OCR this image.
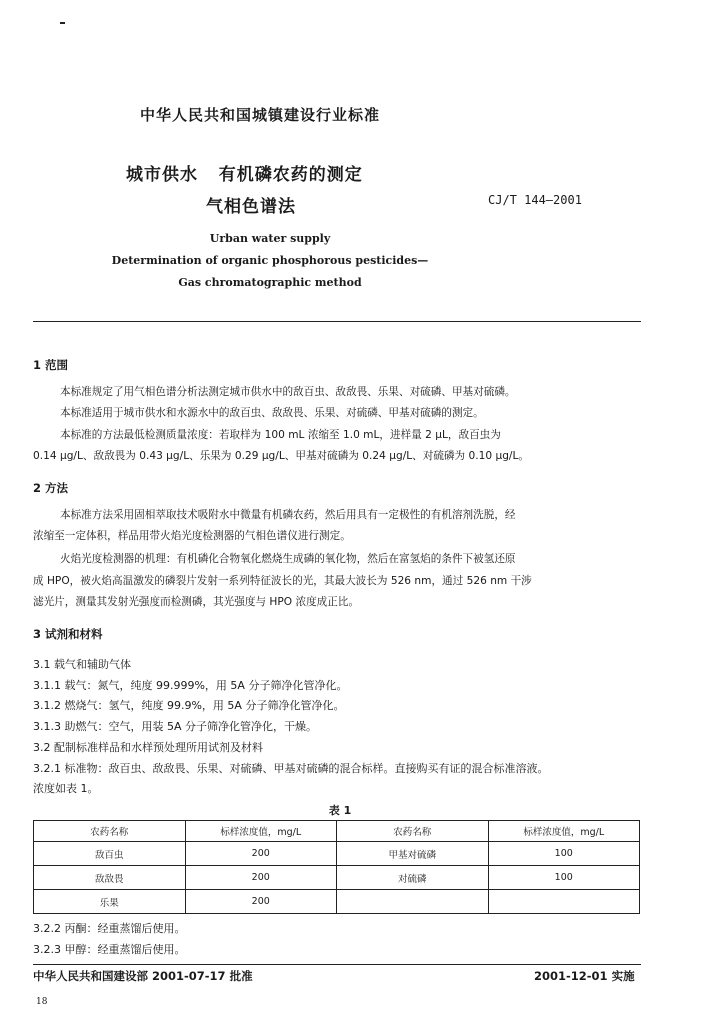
中华人民共和国城镇建设行业标准
城市供水   有机磷农药的测定
气相色谱法	CJ/T 144—2001
Urban water supply
Determination of organic phosphorous pesticides—
Gas chromatographic method
1 范围
本标准规定了用气相色谱分析法测定城市供水中的敌百虫、敌敌畏、乐果、对硫磷、甲基对硫磷。
本标准适用于城市供水和水源水中的敌百虫、敌敌畏、乐果、对硫磷、甲基对硫磷的测定。
本标准的方法最低检测质量浓度：若取样为 100 mL 浓缩至 1.0 mL，进样量 2 μL，敌百虫为
0.14 μg/L、敌敌畏为 0.43 μg/L、乐果为 0.29 μg/L、甲基对硫磷为 0.24 μg/L、对硫磷为 0.10 μg/L。
2 方法
本标准方法采用固相萃取技术吸附水中微量有机磷农药，然后用具有一定极性的有机溶剂洗脱，经
浓缩至一定体积，样品用带火焰光度检测器的气相色谱仪进行测定。
火焰光度检测器的机理：有机磷化合物氧化燃烧生成磷的氧化物，然后在富氢焰的条件下被氢还原
成 HPO，被火焰高温激发的磷裂片发射一系列特征波长的光，其最大波长为 526 nm，通过 526 nm 干涉
滤光片，测量其发射光强度而检测磷，其光强度与 HPO 浓度成正比。
3 试剂和材料
3.1 载气和辅助气体
3.1.1 载气：氮气，纯度 99.999%，用 5A 分子筛净化管净化。
3.1.2 燃烧气：氢气，纯度 99.9%，用 5A 分子筛净化管净化。
3.1.3 助燃气：空气，用装 5A 分子筛净化管净化，干燥。
3.2 配制标准样品和水样预处理所用试剂及材料
3.2.1 标准物：敌百虫、敌敌畏、乐果、对硫磷、甲基对硫磷的混合标样。直接购买有证的混合标准溶液。
浓度如表 1。
表 1
农药名称	标样浓度值，mg/L	农药名称	标样浓度值，mg/L
敌百虫	200	甲基对硫磷	100
敌敌畏	200	对硫磷	100
乐果	200		
3.2.2 丙酮：经重蒸馏后使用。
3.2.3 甲醇：经重蒸馏后使用。
中华人民共和国建设部 2001-07-17 批准	2001-12-01 实施
18
